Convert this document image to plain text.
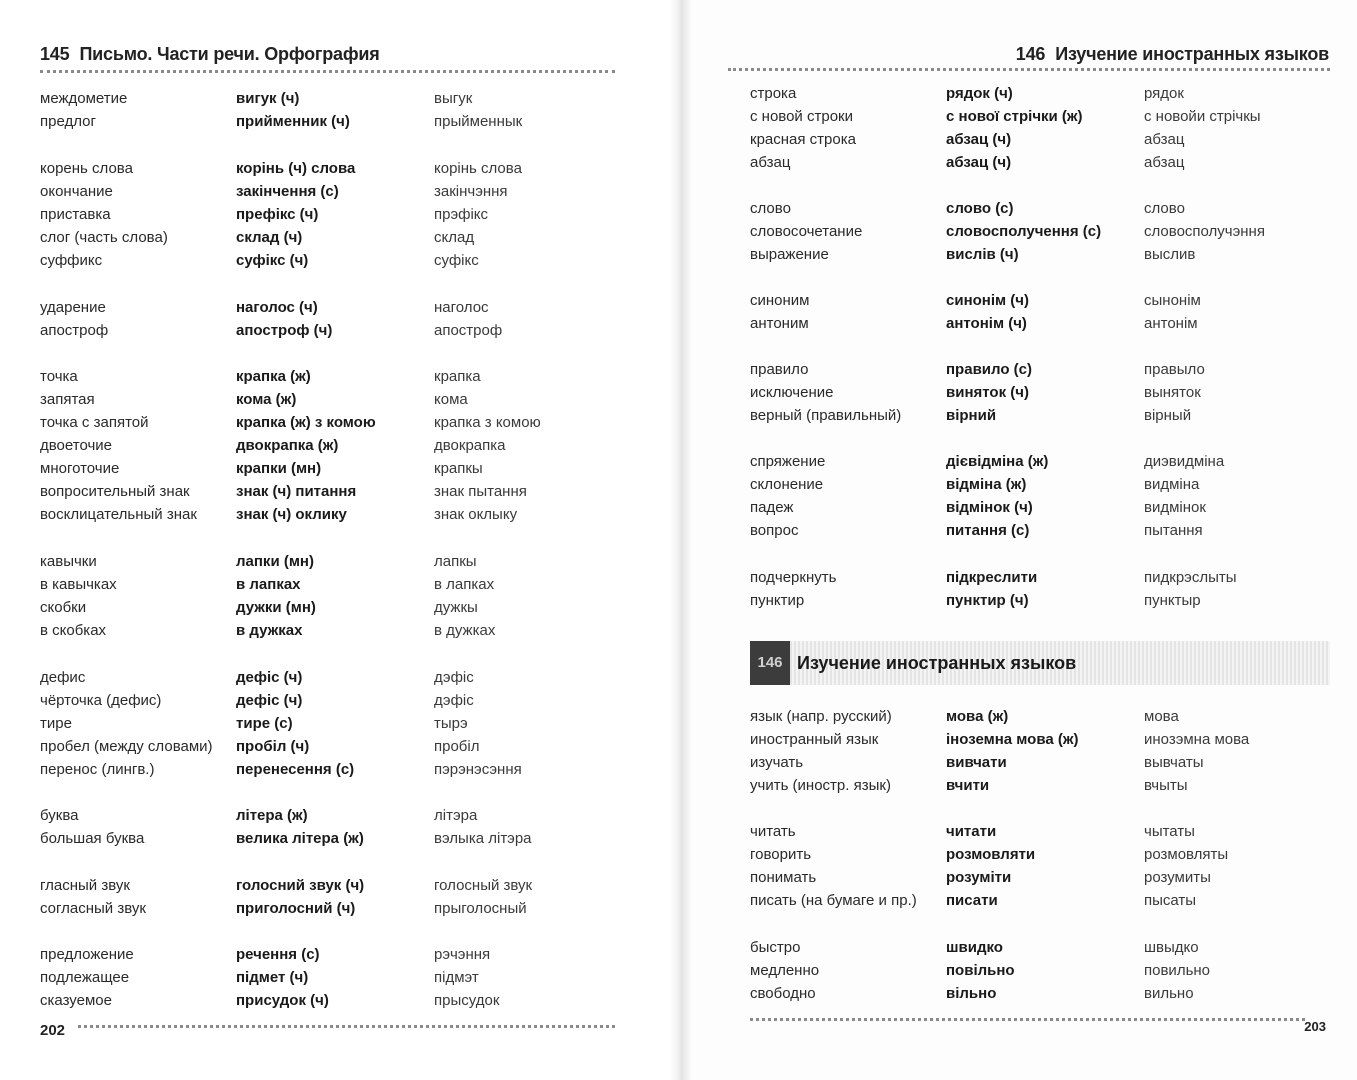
145 Письмо. Части речи. Орфография
междометие	вигук (ч)	выгук
предлог	прийменник (ч)	прыйменнык
корень слова	корінь (ч) слова	корінь слова
окончание	закінчення (с)	закінчэння
приставка	префікс (ч)	прэфікс
слог (часть слова)	склад (ч)	склад
суффикс	суфікс (ч)	суфікс
ударение	наголос (ч)	наголос
апостроф	апостроф (ч)	апостроф
точка	крапка (ж)	крапка
запятая	кома (ж)	кома
точка с запятой	крапка (ж) з комою	крапка з комою
двоеточие	двокрапка (ж)	двокрапка
многоточие	крапки (мн)	крапкы
вопросительный знак	знак (ч) питання	знак пытання
восклицательный знак	знак (ч) оклику	знак оклыку
кавычки	лапки (мн)	лапкы
в кавычках	в лапках	в лапках
скобки	дужки (мн)	дужкы
в скобках	в дужках	в дужках
дефис	дефіс (ч)	дэфіс
чёрточка (дефис)	дефіс (ч)	дэфіс
тире	тире (с)	тырэ
пробел (между словами)	пробіл (ч)	пробіл
перенос (лингв.)	перенесення (с)	пэрэнэсэння
буква	літера (ж)	літэра
большая буква	велика літера (ж)	вэлыка літэра
гласный звук	голосний звук (ч)	голосный звук
согласный звук	приголосний (ч)	прыголосный
предложение	речення (с)	рэчэння
подлежащее	підмет (ч)	підмэт
сказуемое	присудок (ч)	прысудок
202
146 Изучение иностранных языков
строка	рядок (ч)	рядок
с новой строки	с нової стрічки (ж)	с новойи стрічкы
красная строка	абзац (ч)	абзац
абзац	абзац (ч)	абзац
слово	слово (с)	слово
словосочетание	словосполучення (с)	словосполучэння
выражение	вислів (ч)	выслив
синоним	синонім (ч)	сынонім
антоним	антонім (ч)	антонім
правило	правило (с)	правыло
исключение	виняток (ч)	выняток
верный (правильный)	вірний	вірный
спряжение	дієвідміна (ж)	диэвидміна
склонение	відміна (ж)	видміна
падеж	відмінок (ч)	видмінок
вопрос	питання (с)	пытання
подчеркнуть	підкреслити	пидкрэслыты
пунктир	пунктир (ч)	пунктыр
146 Изучение иностранных языков
язык (напр. русский)	мова (ж)	мова
иностранный язык	іноземна мова (ж)	инозэмна мова
изучать	вивчати	вывчаты
учить (иностр. язык)	вчити	вчыты
читать	читати	чытаты
говорить	розмовляти	розмовляты
понимать	розуміти	розумиты
писать (на бумаге и пр.)	писати	пысаты
быстро	швидко	швыдко
медленно	повільно	повильно
свободно	вільно	вильно
203
